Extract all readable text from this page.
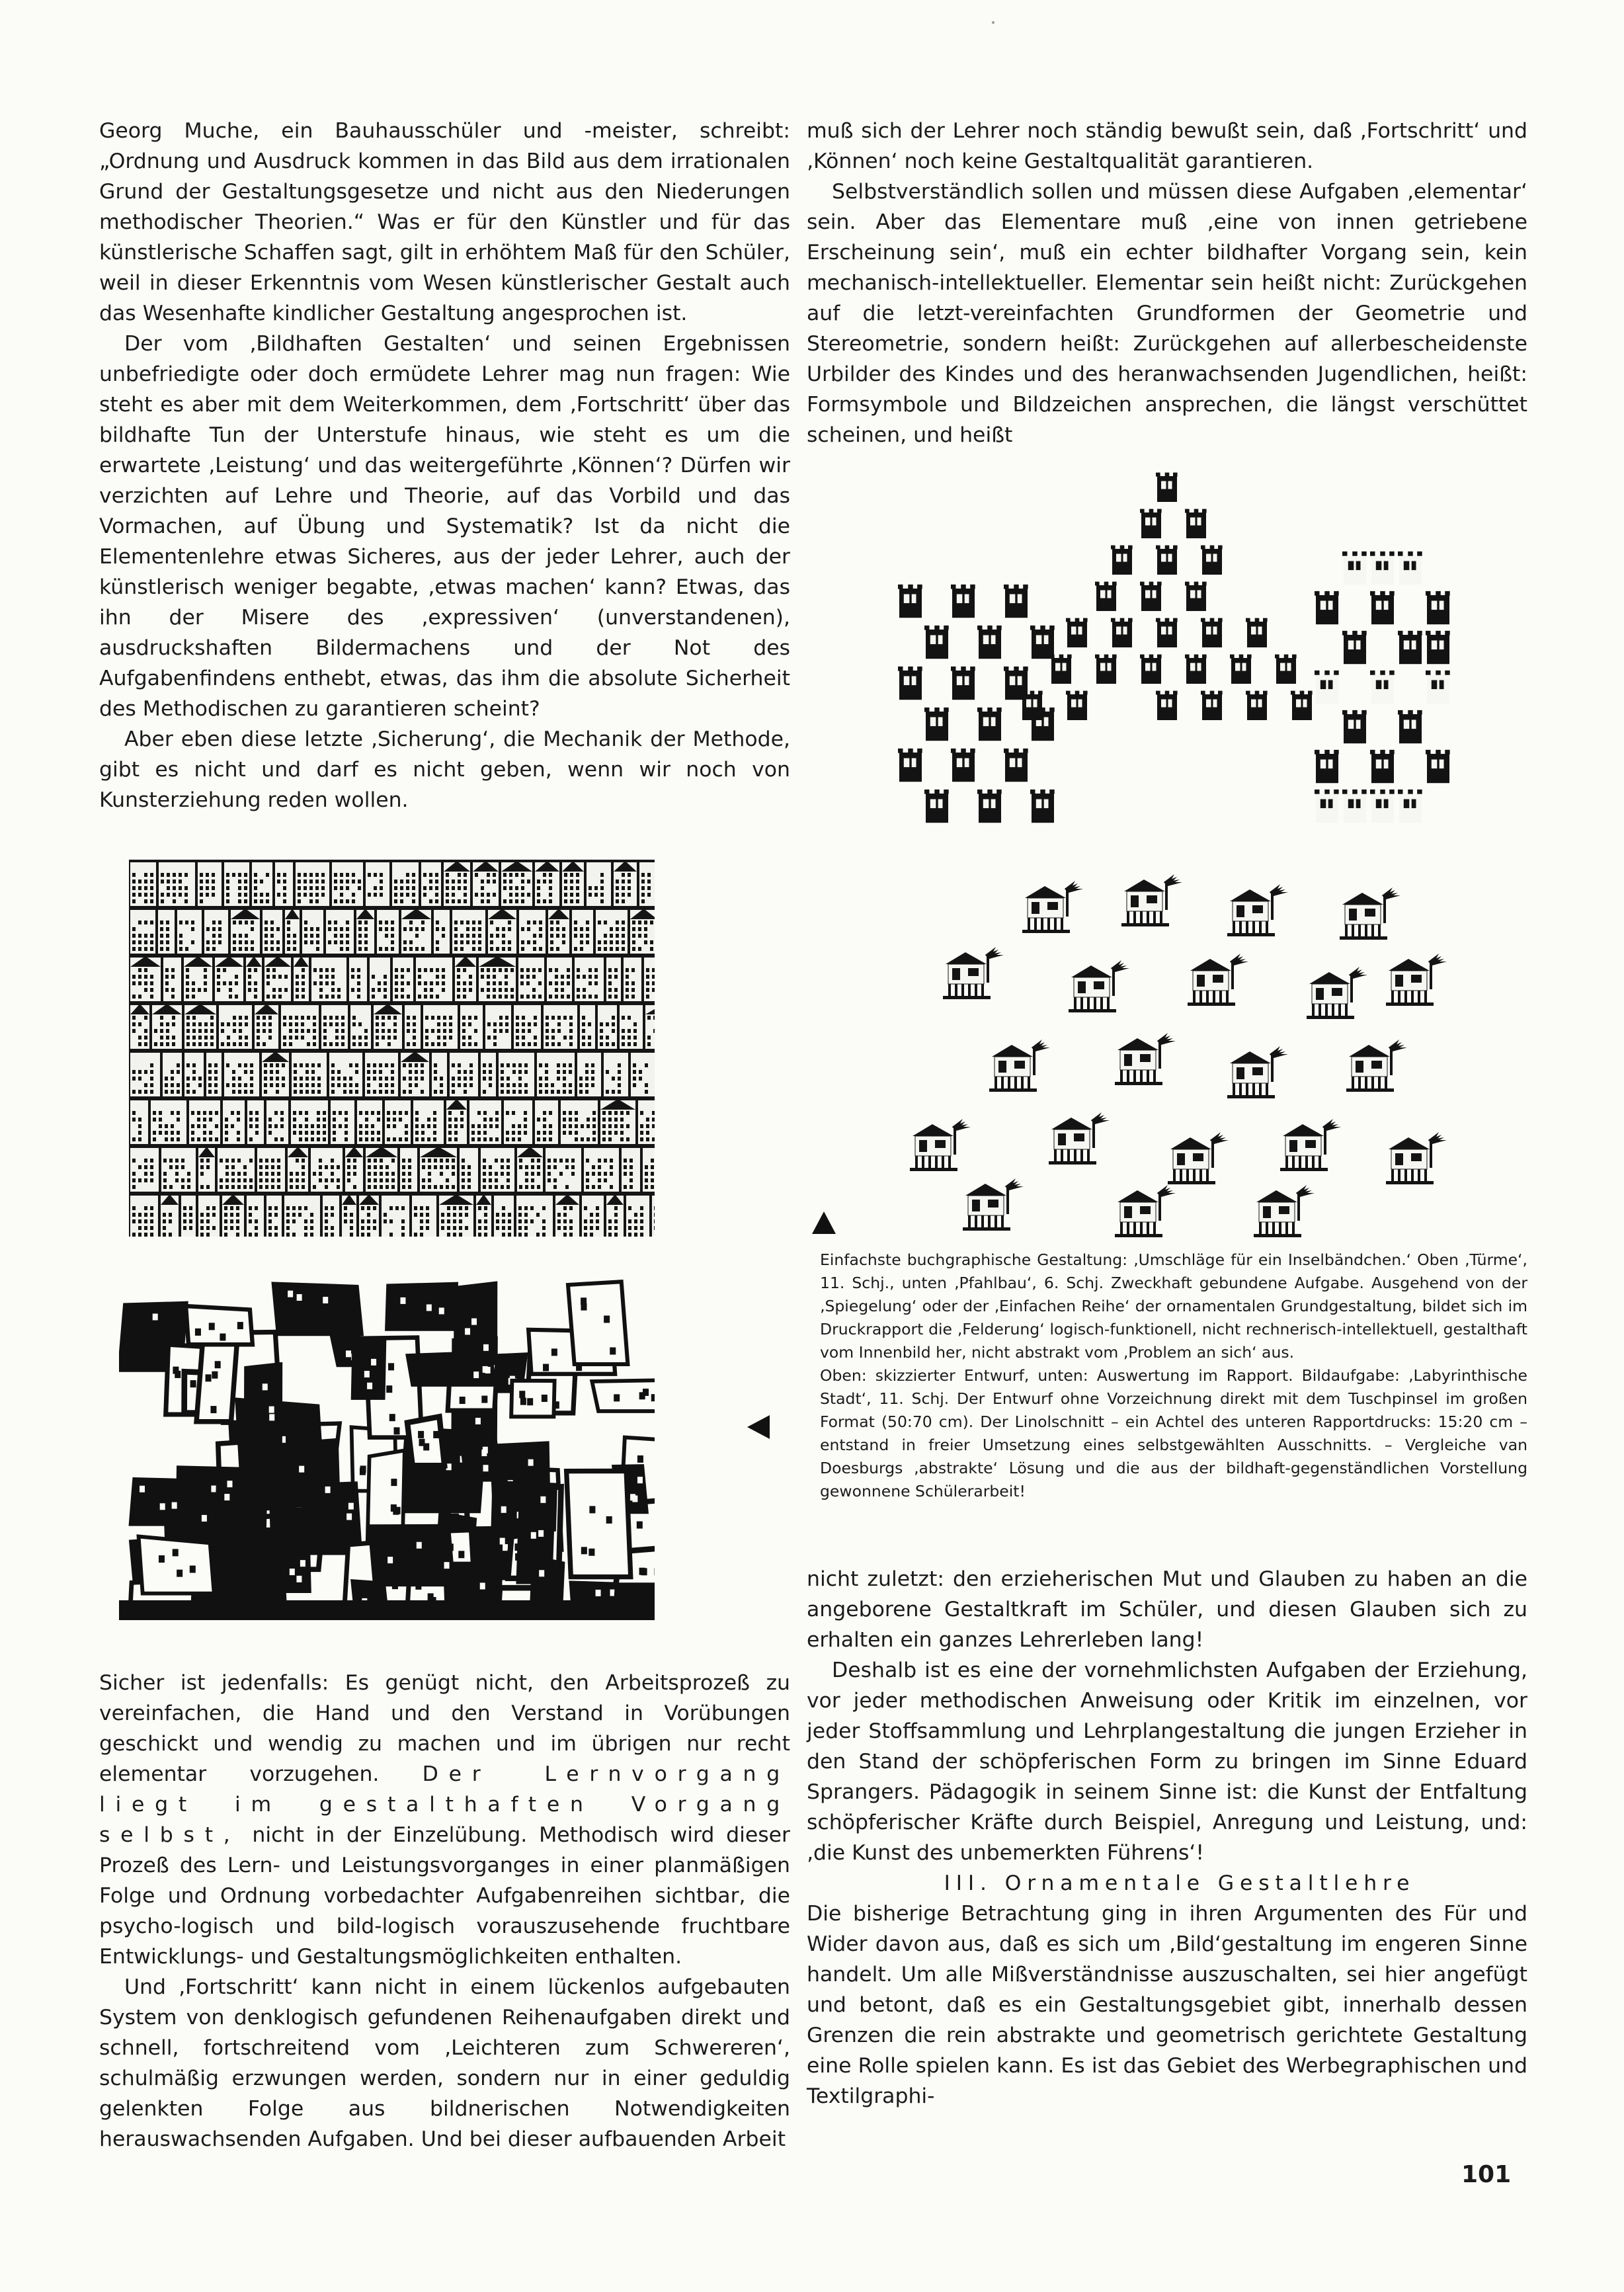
Georg Muche, ein Bauhausschüler und -meister, schreibt: „Ordnung und Ausdruck kommen in das Bild aus dem irrationalen Grund der Gestaltungsgesetze und nicht aus den Niederungen methodischer Theorien.“ Was er für den Künstler und für das künstlerische Schaffen sagt, gilt in erhöhtem Maß für den Schüler, weil in dieser Erkenntnis vom Wesen künstlerischer Gestalt auch das Wesenhafte kindlicher Gestaltung angesprochen ist.

Der vom ‚Bildhaften Gestalten‘ und seinen Ergebnissen unbefriedigte oder doch ermüdete Lehrer mag nun fragen: Wie steht es aber mit dem Weiterkommen, dem ‚Fortschritt‘ über das bildhafte Tun der Unterstufe hinaus, wie steht es um die erwartete ‚Leistung‘ und das weitergeführte ‚Können‘? Dürfen wir verzichten auf Lehre und Theorie, auf das Vorbild und das Vormachen, auf Übung und Systematik? Ist da nicht die Elementenlehre etwas Sicheres, aus der jeder Lehrer, auch der künstlerisch weniger begabte, ‚etwas machen‘ kann? Etwas, das ihn der Misere des ‚expressiven‘ (unverstandenen), ausdruckshaften Bildermachens und der Not des Aufgabenfindens enthebt, etwas, das ihm die absolute Sicherheit des Methodischen zu garantieren scheint?

Aber eben diese letzte ‚Sicherung‘, die Mechanik der Methode, gibt es nicht und darf es nicht geben, wenn wir noch von Kunsterziehung reden wollen.

Sicher ist jedenfalls: Es genügt nicht, den Arbeitsprozeß zu vereinfachen, die Hand und den Verstand in Vorübungen geschickt und wendig zu machen und im übrigen nur recht elementar vorzugehen. Der Lernvorgang liegt im gestalthaften Vorgang selbst, nicht in der Einzelübung. Methodisch wird dieser Prozeß des Lern- und Leistungsvorganges in einer planmäßigen Folge und Ordnung vorbedachter Aufgabenreihen sichtbar, die psycho-logisch und bild-logisch vorauszusehende fruchtbare Entwicklungs- und Gestaltungsmöglichkeiten enthalten.

Und ‚Fortschritt‘ kann nicht in einem lückenlos aufgebauten System von denklogisch gefundenen Reihenaufgaben direkt und schnell, fortschreitend vom ‚Leichteren zum Schwereren‘, schulmäßig erzwungen werden, sondern nur in einer geduldig gelenkten Folge aus bildnerischen Notwendigkeiten herauswachsenden Aufgaben. Und bei dieser aufbauenden Arbeit

muß sich der Lehrer noch ständig bewußt sein, daß ‚Fortschritt‘ und ‚Können‘ noch keine Gestaltqualität garantieren.

Selbstverständlich sollen und müssen diese Aufgaben ‚elementar‘ sein. Aber das Elementare muß ‚eine von innen getriebene Erscheinung sein‘, muß ein echter bildhafter Vorgang sein, kein mechanisch-intellektueller. Elementar sein heißt nicht: Zurückgehen auf die letzt-vereinfachten Grundformen der Geometrie und Stereometrie, sondern heißt: Zurückgehen auf allerbescheidenste Urbilder des Kindes und des heranwachsenden Jugendlichen, heißt: Formsymbole und Bildzeichen ansprechen, die längst verschüttet scheinen, und heißt

Einfachste buchgraphische Gestaltung: ‚Umschläge für ein Inselbändchen.‘ Oben ‚Türme‘, 11. Schj., unten ‚Pfahlbau‘, 6. Schj. Zweckhaft gebundene Aufgabe. Ausgehend von der ‚Spiegelung‘ oder der ‚Einfachen Reihe‘ der ornamentalen Grundgestaltung, bildet sich im Druckrapport die ‚Felderung‘ logisch-funktionell, nicht rechnerisch-intellektuell, gestalthaft vom Innenbild her, nicht abstrakt vom ‚Problem an sich‘ aus.

Oben: skizzierter Entwurf, unten: Auswertung im Rapport. Bildaufgabe: ‚Labyrinthische Stadt‘, 11. Schj. Der Entwurf ohne Vorzeichnung direkt mit dem Tuschpinsel im großen Format (50:70 cm). Der Linolschnitt – ein Achtel des unteren Rapportdrucks: 15:20 cm – entstand in freier Umsetzung eines selbstgewählten Ausschnitts. – Vergleiche van Doesburgs ‚abstrakte‘ Lösung und die aus der bildhaft-gegenständlichen Vorstellung gewonnene Schülerarbeit!

nicht zuletzt: den erzieherischen Mut und Glauben zu haben an die angeborene Gestaltkraft im Schüler, und diesen Glauben sich zu erhalten ein ganzes Lehrerleben lang!

Deshalb ist es eine der vornehmlichsten Aufgaben der Erziehung, vor jeder methodischen Anweisung oder Kritik im einzelnen, vor jeder Stoffsammlung und Lehrplangestaltung die jungen Erzieher in den Stand der schöpferischen Form zu bringen im Sinne Eduard Sprangers. Pädagogik in seinem Sinne ist: die Kunst der Entfaltung schöpferischer Kräfte durch Beispiel, Anregung und Leistung, und: ‚die Kunst des unbemerkten Führens‘!

III. Ornamentale Gestaltlehre

Die bisherige Betrachtung ging in ihren Argumenten des Für und Wider davon aus, daß es sich um ‚Bild‘gestaltung im engeren Sinne handelt. Um alle Mißverständnisse auszuschalten, sei hier angefügt und betont, daß es ein Gestaltungsgebiet gibt, innerhalb dessen Grenzen die rein abstrakte und geometrisch gerichtete Gestaltung eine Rolle spielen kann. Es ist das Gebiet des Werbegraphischen und Textilgraphi-

101
